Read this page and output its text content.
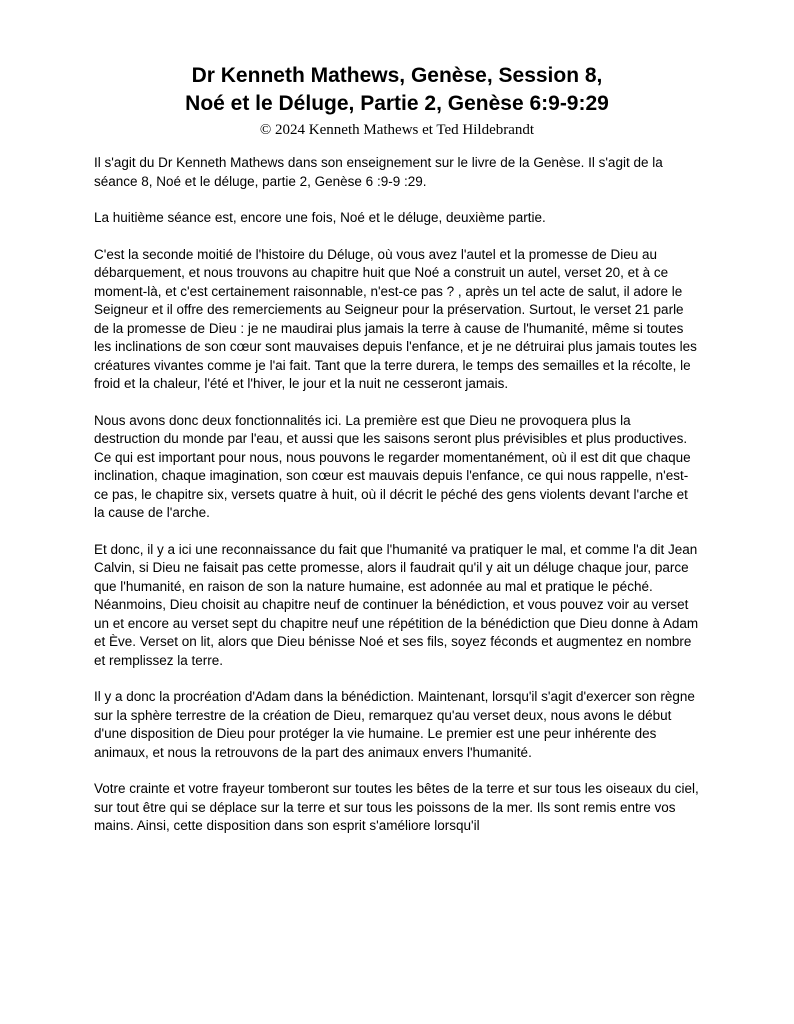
Dr Kenneth Mathews, Genèse, Session 8,
Noé et le Déluge, Partie 2, Genèse 6:9-9:29
© 2024 Kenneth Mathews et Ted Hildebrandt

Il s'agit du Dr Kenneth Mathews dans son enseignement sur le livre de la Genèse. Il s'agit de la séance 8, Noé et le déluge, partie 2, Genèse 6 :9-9 :29.

La huitième séance est, encore une fois, Noé et le déluge, deuxième partie.

C'est la seconde moitié de l'histoire du Déluge, où vous avez l'autel et la promesse de Dieu au débarquement, et nous trouvons au chapitre huit que Noé a construit un autel, verset 20, et à ce moment-là, et c'est certainement raisonnable, n'est-ce pas ? , après un tel acte de salut, il adore le Seigneur et il offre des remerciements au Seigneur pour la préservation. Surtout, le verset 21 parle de la promesse de Dieu : je ne maudirai plus jamais la terre à cause de l'humanité, même si toutes les inclinations de son cœur sont mauvaises depuis l'enfance, et je ne détruirai plus jamais toutes les créatures vivantes comme je l'ai fait. Tant que la terre durera, le temps des semailles et la récolte, le froid et la chaleur, l'été et l'hiver, le jour et la nuit ne cesseront jamais.

Nous avons donc deux fonctionnalités ici. La première est que Dieu ne provoquera plus la destruction du monde par l'eau, et aussi que les saisons seront plus prévisibles et plus productives. Ce qui est important pour nous, nous pouvons le regarder momentanément, où il est dit que chaque inclination, chaque imagination, son cœur est mauvais depuis l'enfance, ce qui nous rappelle, n'est-ce pas, le chapitre six, versets quatre à huit, où il décrit le péché des gens violents devant l'arche et la cause de l'arche.

Et donc, il y a ici une reconnaissance du fait que l'humanité va pratiquer le mal, et comme l'a dit Jean Calvin, si Dieu ne faisait pas cette promesse, alors il faudrait qu'il y ait un déluge chaque jour, parce que l'humanité, en raison de son la nature humaine, est adonnée au mal et pratique le péché. Néanmoins, Dieu choisit au chapitre neuf de continuer la bénédiction, et vous pouvez voir au verset un et encore au verset sept du chapitre neuf une répétition de la bénédiction que Dieu donne à Adam et Ève. Verset on lit, alors que Dieu bénisse Noé et ses fils, soyez féconds et augmentez en nombre et remplissez la terre.

Il y a donc la procréation d'Adam dans la bénédiction. Maintenant, lorsqu'il s'agit d'exercer son règne sur la sphère terrestre de la création de Dieu, remarquez qu'au verset deux, nous avons le début d'une disposition de Dieu pour protéger la vie humaine. Le premier est une peur inhérente des animaux, et nous la retrouvons de la part des animaux envers l'humanité.

Votre crainte et votre frayeur tomberont sur toutes les bêtes de la terre et sur tous les oiseaux du ciel, sur tout être qui se déplace sur la terre et sur tous les poissons de la mer. Ils sont remis entre vos mains. Ainsi, cette disposition dans son esprit s'améliore lorsqu'il
